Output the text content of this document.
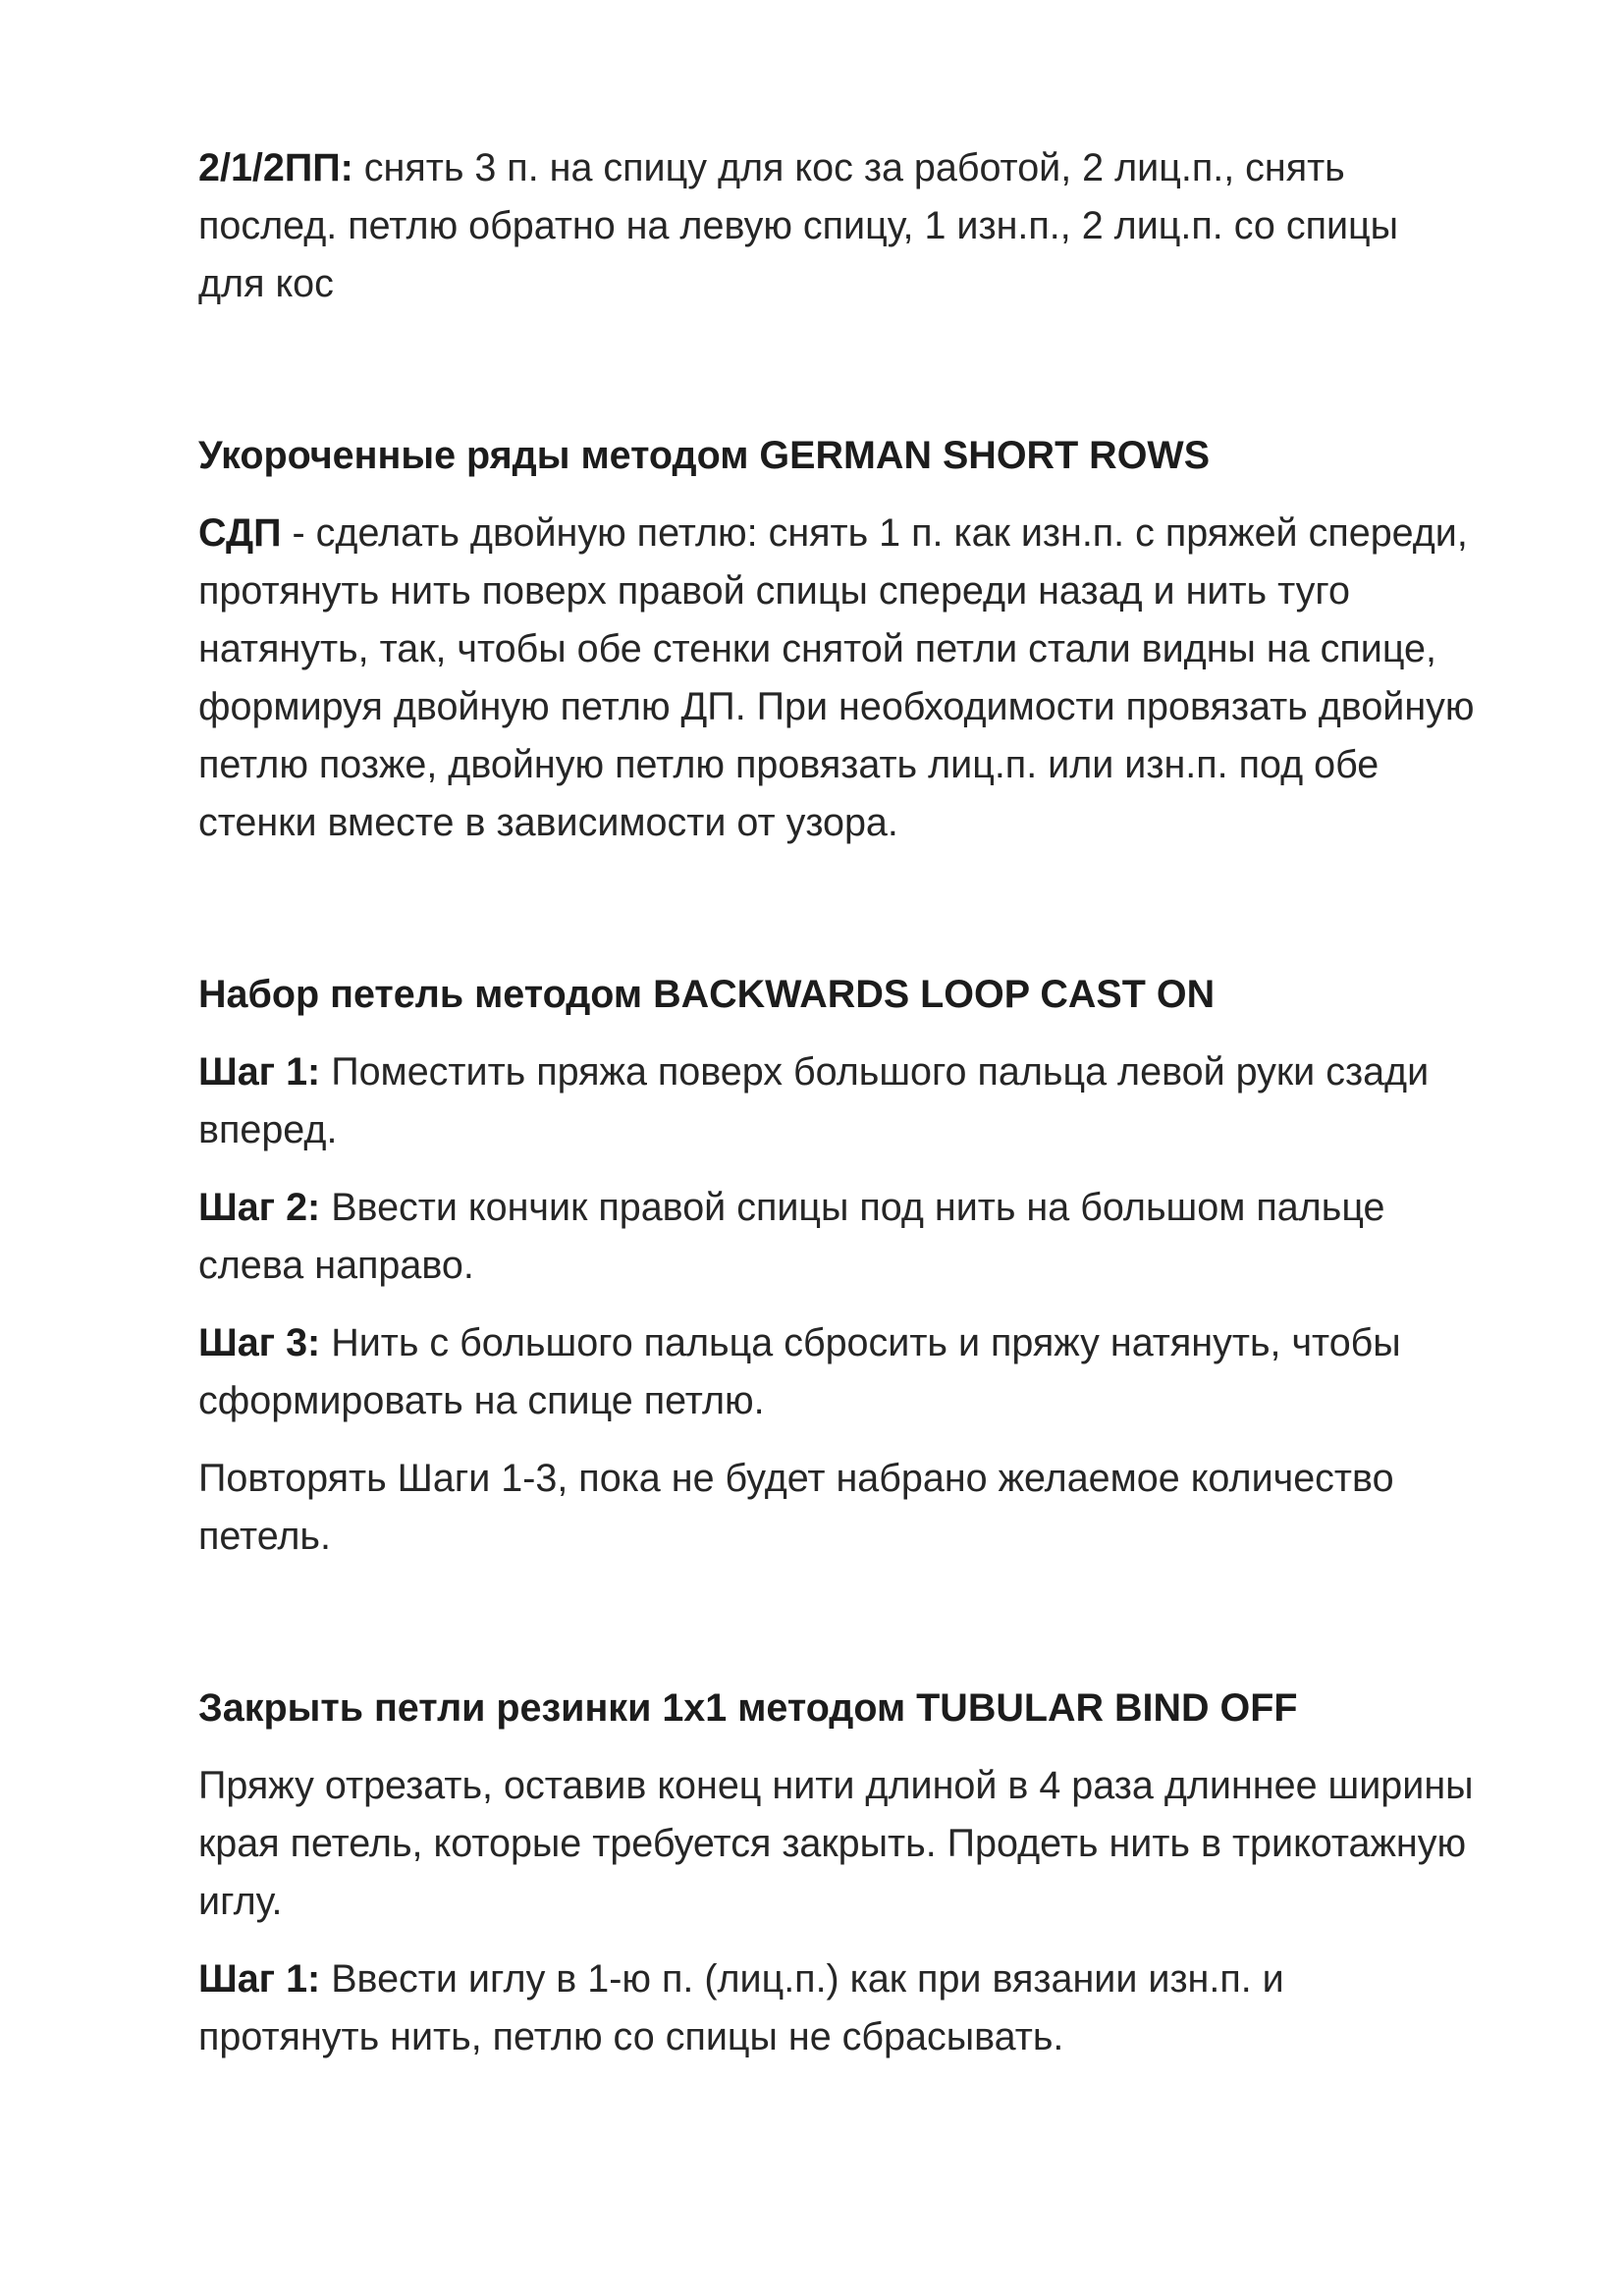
2/1/2ПП: снять 3 п. на спицу для кос за работой, 2 лиц.п., снять послед. петлю обратно на левую спицу, 1 изн.п., 2 лиц.п. со спицы для кос

Укороченные ряды методом GERMAN SHORT ROWS

СДП - сделать двойную петлю: снять 1 п. как изн.п. с пряжей спереди, протянуть нить поверх правой спицы спереди назад и нить туго натянуть, так, чтобы обе стенки снятой петли стали видны на спице, формируя двойную петлю ДП. При необходимости провязать двойную петлю позже, двойную петлю провязать лиц.п. или изн.п. под обе стенки вместе в зависимости от узора.

Набор петель методом BACKWARDS LOOP CAST ON

Шаг 1: Поместить пряжа поверх большого пальца левой руки сзади вперед.

Шаг 2: Ввести кончик правой спицы под нить на большом пальце слева направо.

Шаг 3: Нить с большого пальца сбросить и пряжу натянуть, чтобы сформировать на спице петлю.

Повторять Шаги 1-3, пока не будет набрано желаемое количество петель.

Закрыть петли резинки 1x1 методом TUBULAR BIND OFF

Пряжу отрезать, оставив конец нити длиной в 4 раза длиннее ширины края петель, которые требуется закрыть. Продеть нить в трикотажную иглу.

Шаг 1: Ввести иглу в 1-ю п. (лиц.п.) как при вязании изн.п. и протянуть нить, петлю со спицы не сбрасывать.
